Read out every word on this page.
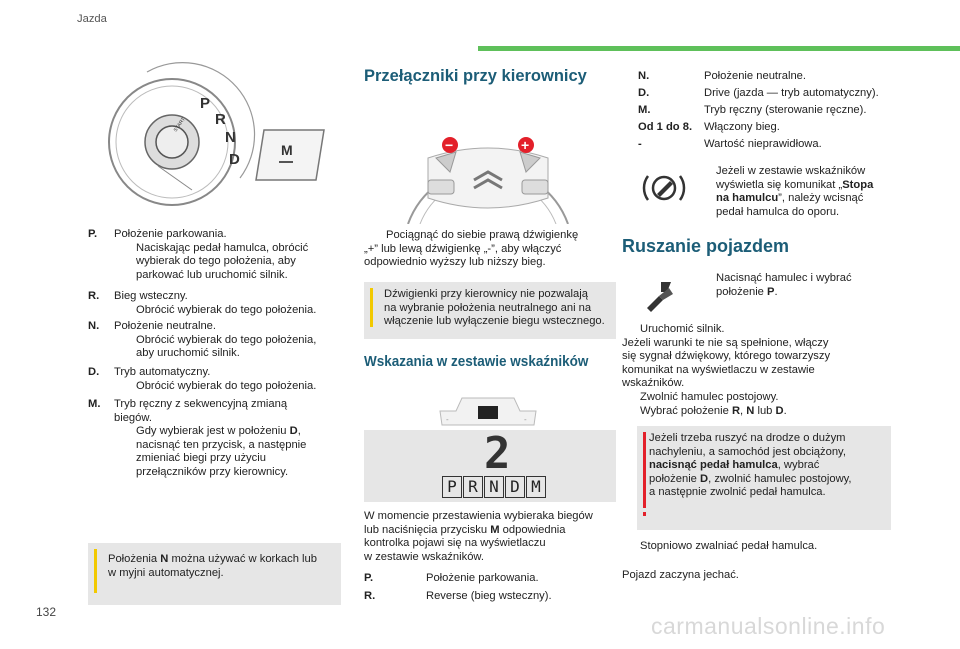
Jazda
132
carmanualsonline.info
P
R
N
D
START
M
P. Położenie parkowania.
Naciskając pedał hamulca, obrócić
wybierak do tego położenia, aby
parkować lub uruchomić silnik.
R. Bieg wsteczny.
Obrócić wybierak do tego położenia.
N. Położenie neutralne.
Obrócić wybierak do tego położenia,
aby uruchomić silnik.
D. Tryb automatyczny.
Obrócić wybierak do tego położenia.
M. Tryb ręczny z sekwencyjną zmianą
biegów.
Gdy wybierak jest w położeniu D,
nacisnąć ten przycisk, a następnie
zmieniać biegi przy użyciu
przełączników przy kierownicy.
Położenia N można używać w korkach lub
w myjni automatycznej.
Przełączniki przy kierownicy
−	+
Pociągnąć do siebie prawą dźwigienkę
„+” lub lewą dźwigienkę „-”, aby włączyć
odpowiednio wyższy lub niższy bieg.
Dźwigienki przy kierownicy nie pozwalają
na wybranie położenia neutralnego ani na
włączenie lub wyłączenie biegu wstecznego.
Wskazania w zestawie wskaźników
-	-
2
P R N D M
W momencie przestawienia wybieraka biegów
lub naciśnięcia przycisku M odpowiednia
kontrolka pojawi się na wyświetlaczu
w zestawie wskaźników.
P.	Położenie parkowania.
R.	Reverse (bieg wsteczny).
N.	Położenie neutralne.
D.	Drive (jazda — tryb automatyczny).
M.	Tryb ręczny (sterowanie ręczne).
Od 1 do 8. Włączony bieg.
-	Wartość nieprawidłowa.
Jeżeli w zestawie wskaźników
wyświetla się komunikat „Stopa
na hamulcu”, należy wcisnąć
pedał hamulca do oporu.
Ruszanie pojazdem
Nacisnąć hamulec i wybrać
położenie P.
Uruchomić silnik.
Jeżeli warunki te nie są spełnione, włączy
się sygnał dźwiękowy, którego towarzyszy
komunikat na wyświetlaczu w zestawie
wskaźników.
Zwolnić hamulec postojowy.
Wybrać położenie R, N lub D.
Jeżeli trzeba ruszyć na drodze o dużym
nachyleniu, a samochód jest obciążony,
nacisnąć pedał hamulca, wybrać
położenie D, zwolnić hamulec postojowy,
a następnie zwolnić pedał hamulca.
Stopniowo zwalniać pedał hamulca.
Pojazd zaczyna jechać.
